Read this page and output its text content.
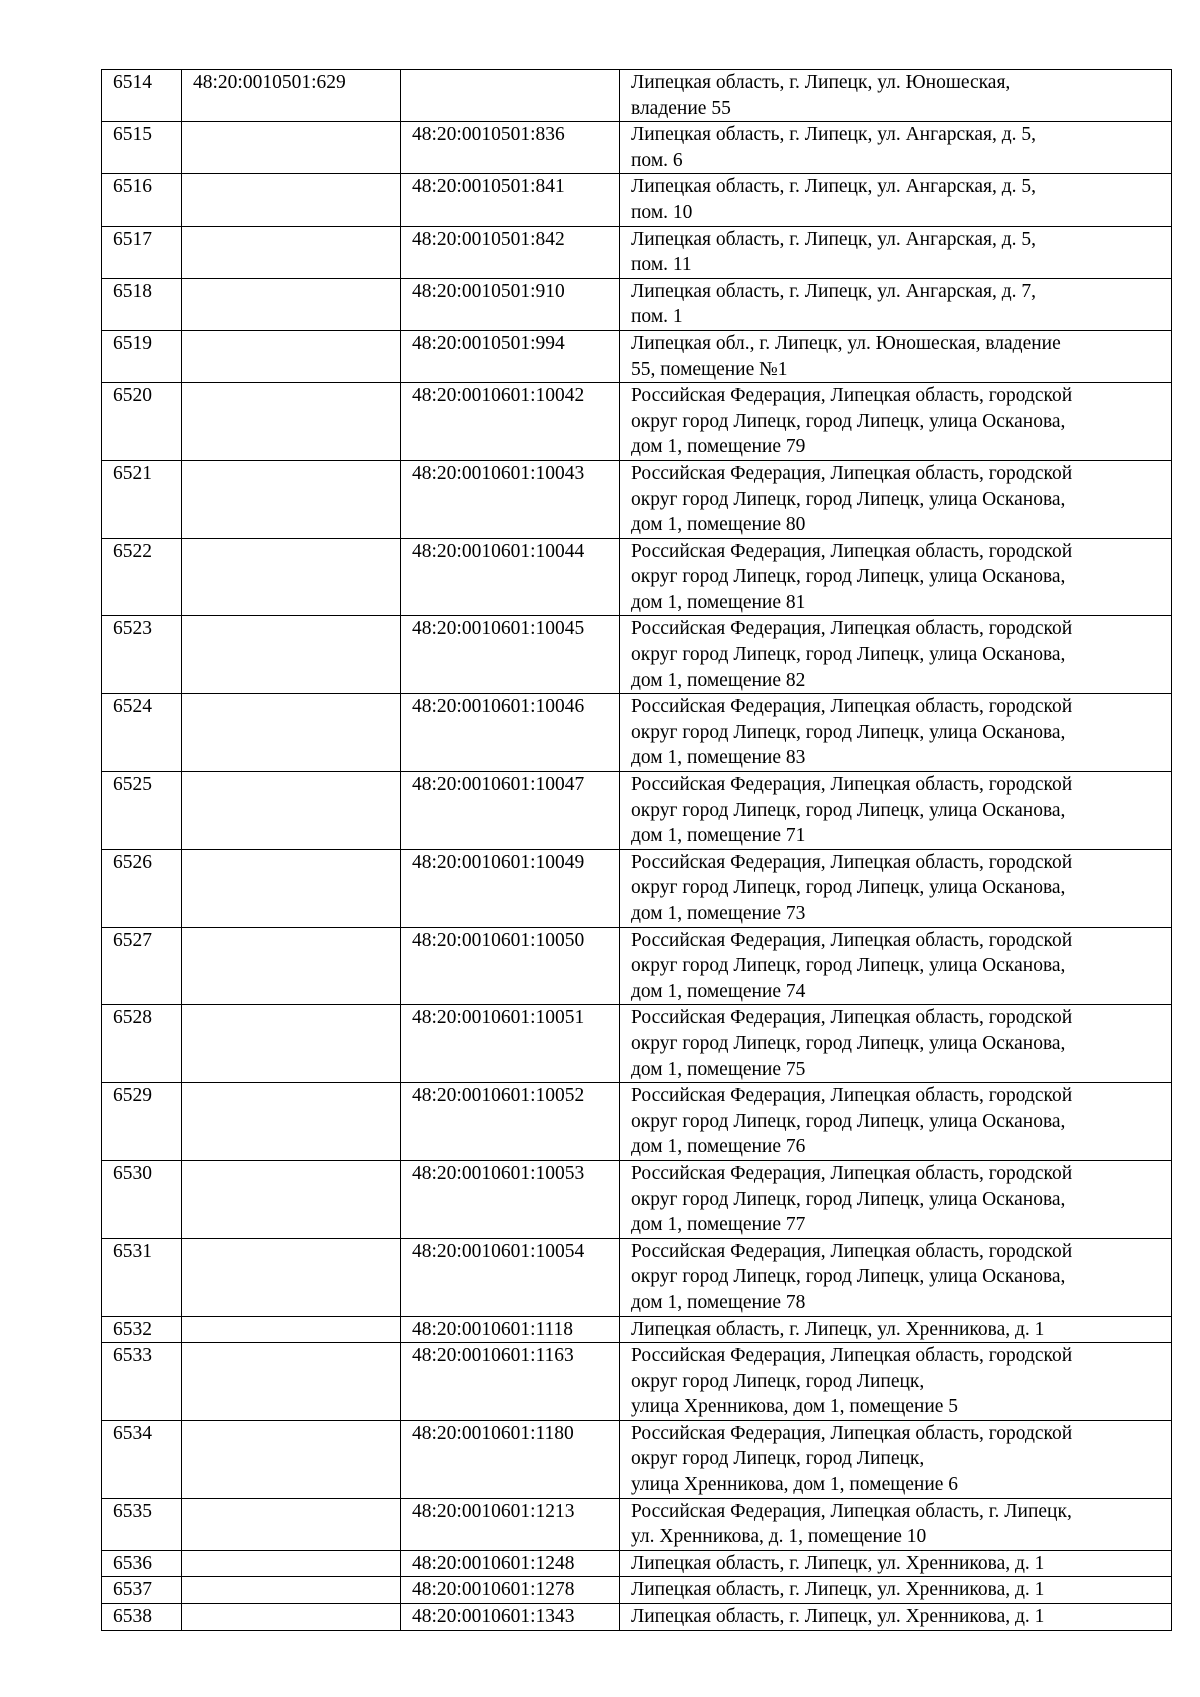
6514	48:20:0010501:629		Липецкая область, г. Липецк, ул. Юношеская,
владение 55
6515		48:20:0010501:836	Липецкая область, г. Липецк, ул. Ангарская, д. 5,
пом. 6
6516		48:20:0010501:841	Липецкая область, г. Липецк, ул. Ангарская, д. 5,
пом. 10
6517		48:20:0010501:842	Липецкая область, г. Липецк, ул. Ангарская, д. 5,
пом. 11
6518		48:20:0010501:910	Липецкая область, г. Липецк, ул. Ангарская, д. 7,
пом. 1
6519		48:20:0010501:994	Липецкая обл., г. Липецк, ул. Юношеская, владение
55, помещение №1
6520		48:20:0010601:10042	Российская Федерация, Липецкая область, городской
округ город Липецк, город Липецк, улица Осканова,
дом 1, помещение 79
6521		48:20:0010601:10043	Российская Федерация, Липецкая область, городской
округ город Липецк, город Липецк, улица Осканова,
дом 1, помещение 80
6522		48:20:0010601:10044	Российская Федерация, Липецкая область, городской
округ город Липецк, город Липецк, улица Осканова,
дом 1, помещение 81
6523		48:20:0010601:10045	Российская Федерация, Липецкая область, городской
округ город Липецк, город Липецк, улица Осканова,
дом 1, помещение 82
6524		48:20:0010601:10046	Российская Федерация, Липецкая область, городской
округ город Липецк, город Липецк, улица Осканова,
дом 1, помещение 83
6525		48:20:0010601:10047	Российская Федерация, Липецкая область, городской
округ город Липецк, город Липецк, улица Осканова,
дом 1, помещение 71
6526		48:20:0010601:10049	Российская Федерация, Липецкая область, городской
округ город Липецк, город Липецк, улица Осканова,
дом 1, помещение 73
6527		48:20:0010601:10050	Российская Федерация, Липецкая область, городской
округ город Липецк, город Липецк, улица Осканова,
дом 1, помещение 74
6528		48:20:0010601:10051	Российская Федерация, Липецкая область, городской
округ город Липецк, город Липецк, улица Осканова,
дом 1, помещение 75
6529		48:20:0010601:10052	Российская Федерация, Липецкая область, городской
округ город Липецк, город Липецк, улица Осканова,
дом 1, помещение 76
6530		48:20:0010601:10053	Российская Федерация, Липецкая область, городской
округ город Липецк, город Липецк, улица Осканова,
дом 1, помещение 77
6531		48:20:0010601:10054	Российская Федерация, Липецкая область, городской
округ город Липецк, город Липецк, улица Осканова,
дом 1, помещение 78
6532		48:20:0010601:1118	Липецкая область, г. Липецк, ул. Хренникова, д. 1
6533		48:20:0010601:1163	Российская Федерация, Липецкая область, городской
округ город Липецк, город Липецк,
улица Хренникова, дом 1, помещение 5
6534		48:20:0010601:1180	Российская Федерация, Липецкая область, городской
округ город Липецк, город Липецк,
улица Хренникова, дом 1, помещение 6
6535		48:20:0010601:1213	Российская Федерация, Липецкая область, г. Липецк,
ул. Хренникова, д. 1, помещение 10
6536		48:20:0010601:1248	Липецкая область, г. Липецк, ул. Хренникова, д. 1
6537		48:20:0010601:1278	Липецкая область, г. Липецк, ул. Хренникова, д. 1
6538		48:20:0010601:1343	Липецкая область, г. Липецк, ул. Хренникова, д. 1
